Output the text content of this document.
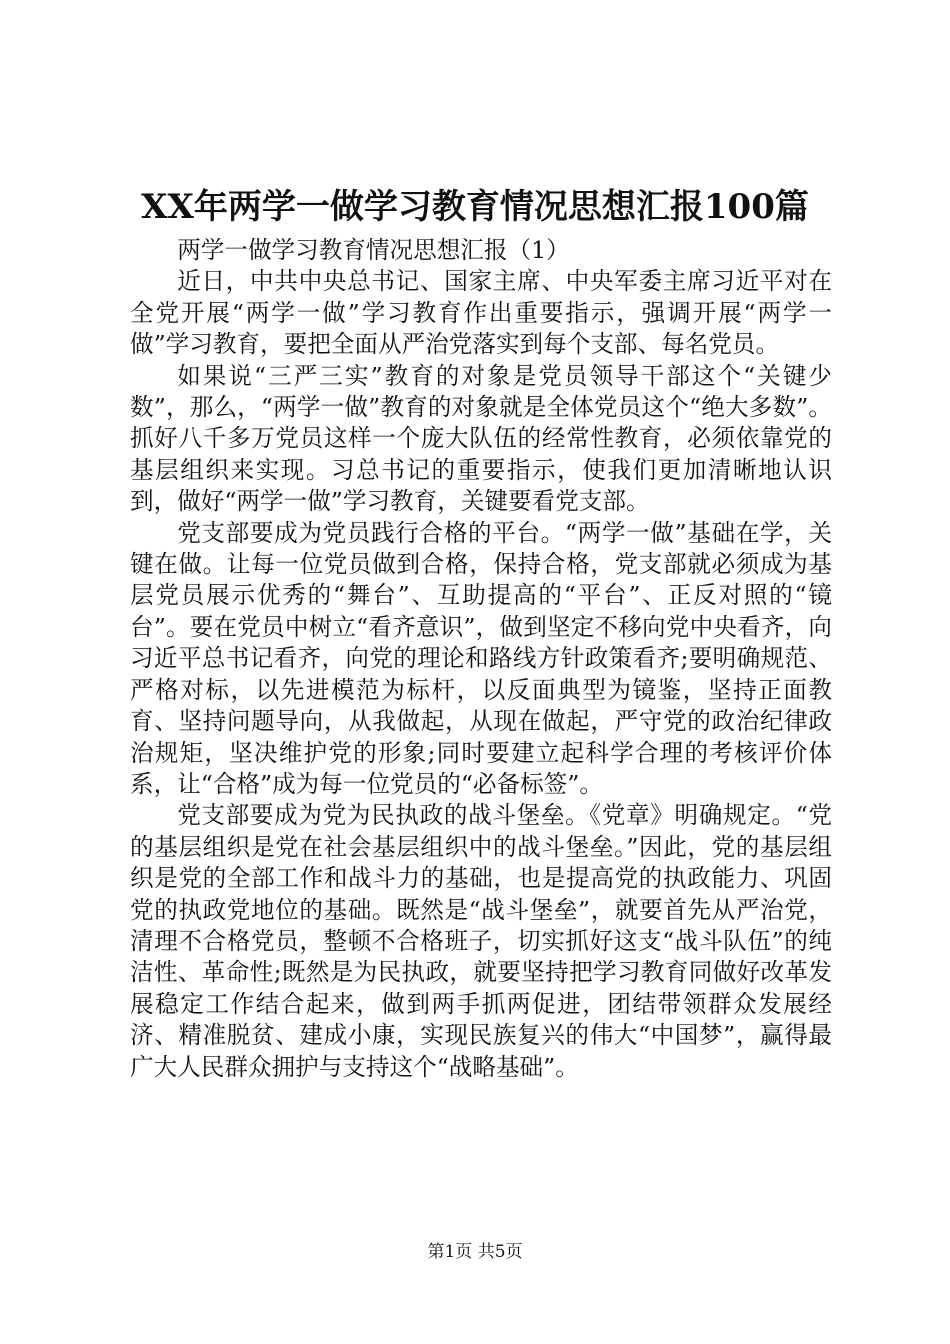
XX年两学一做学习教育情况思想汇报100篇

两学一做学习教育情况思想汇报（1）

近日，中共中央总书记、国家主席、中央军委主席习近平对在全党开展“两学一做”学习教育作出重要指示，强调开展“两学一做”学习教育，要把全面从严治党落实到每个支部、每名党员。

如果说“三严三实”教育的对象是党员领导干部这个“关键少数”，那么，“两学一做”教育的对象就是全体党员这个“绝大多数”。抓好八千多万党员这样一个庞大队伍的经常性教育，必须依靠党的基层组织来实现。习总书记的重要指示，使我们更加清晰地认识到，做好“两学一做”学习教育，关键要看党支部。

党支部要成为党员践行合格的平台。“两学一做”基础在学，关键在做。让每一位党员做到合格，保持合格，党支部就必须成为基层党员展示优秀的“舞台”、互助提高的“平台”、正反对照的“镜台”。要在党员中树立“看齐意识”，做到坚定不移向党中央看齐，向习近平总书记看齐，向党的理论和路线方针政策看齐;要明确规范、严格对标，以先进模范为标杆，以反面典型为镜鉴，坚持正面教育、坚持问题导向，从我做起，从现在做起，严守党的政治纪律政治规矩，坚决维护党的形象;同时要建立起科学合理的考核评价体系，让“合格”成为每一位党员的“必备标签”。

党支部要成为党为民执政的战斗堡垒。《党章》明确规定。“党的基层组织是党在社会基层组织中的战斗堡垒。”因此，党的基层组织是党的全部工作和战斗力的基础，也是提高党的执政能力、巩固党的执政党地位的基础。既然是“战斗堡垒”，就要首先从严治党，清理不合格党员，整顿不合格班子，切实抓好这支“战斗队伍”的纯洁性、革命性;既然是为民执政，就要坚持把学习教育同做好改革发展稳定工作结合起来，做到两手抓两促进，团结带领群众发展经济、精准脱贫、建成小康，实现民族复兴的伟大“中国梦”，赢得最广大人民群众拥护与支持这个“战略基础”。

第1页 共5页
